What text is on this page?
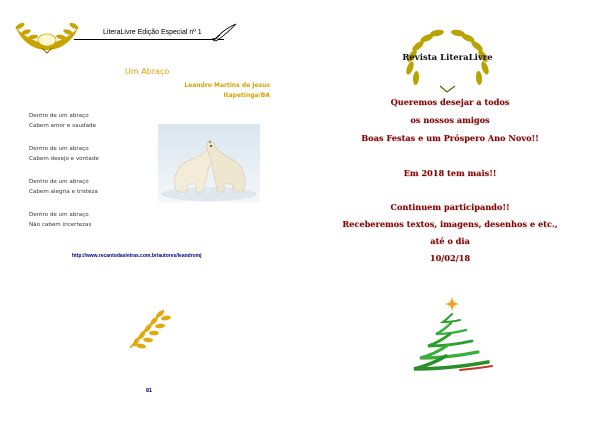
LiteraLivre Edição Especial nº 1
Um Abraço
Leandro Martins de Jesus
Itapetinga/BA
Dentro de um abraço
Cabem amor e saudade
Dentro de um abraço
Cabem desejo e vontade
Dentro de um abraço
Cabem alegria e tristeza
Dentro de um abraço
Não cabem incertezas
http://www.recantodasletras.com.br/autores/leandromj
81
Revista LiteraLivre
Queremos desejar a todos
os nossos amigos
Boas Festas e um Próspero Ano Novo!!
Em 2018 tem mais!!
Continuem participando!!
Receberemos textos, imagens, desenhos e etc.,
até o dia
10/02/18
